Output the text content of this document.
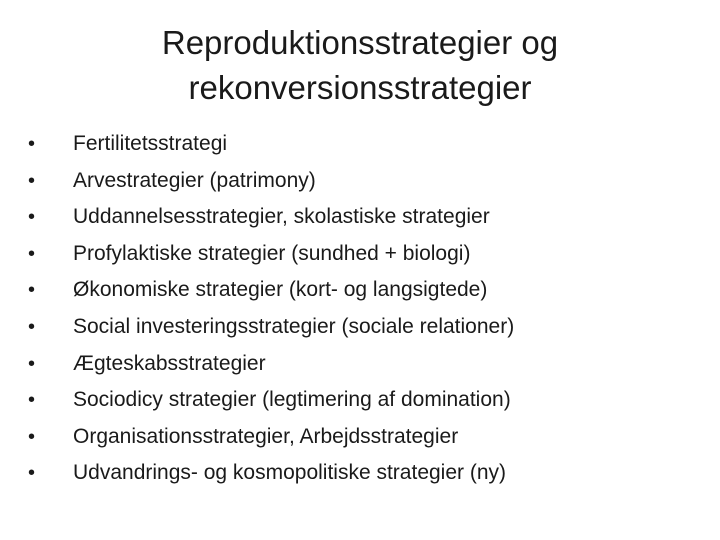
Reproduktionsstrategier og
rekonversionsstrategier
•	Fertilitetsstrategi
•	Arvestrategier (patrimony)
•	Uddannelsesstrategier, skolastiske strategier
•	Profylaktiske strategier (sundhed + biologi)
•	Økonomiske strategier (kort- og langsigtede)
•	Social investeringsstrategier (sociale relationer)
•	Ægteskabsstrategier
•	Sociodicy strategier (legtimering af domination)
•	Organisationsstrategier, Arbejdsstrategier
•	Udvandrings- og kosmopolitiske strategier (ny)
